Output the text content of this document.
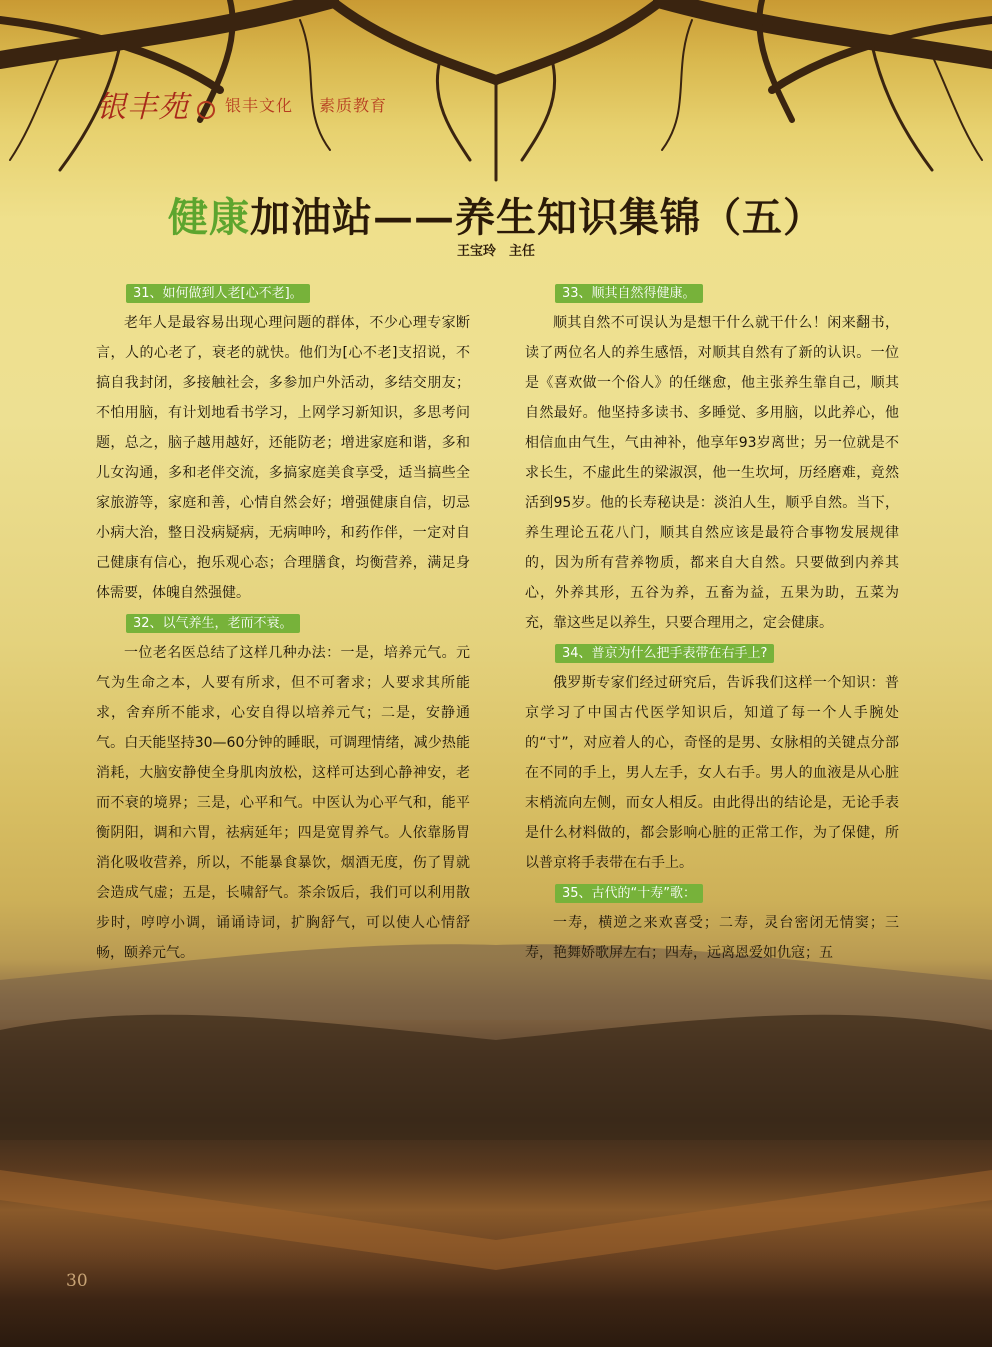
银丰苑 银丰文化 素质教育
健康加油站——养生知识集锦（五）
王宝玲　主任
31、如何做到人老[心不老]。

老年人是最容易出现心理问题的群体，不少心理专家断言，人的心老了，衰老的就快。他们为[心不老]支招说，不搞自我封闭，多接触社会，多参加户外活动，多结交朋友；不怕用脑，有计划地看书学习，上网学习新知识，多思考问题，总之，脑子越用越好，还能防老；增进家庭和谐，多和儿女沟通，多和老伴交流，多搞家庭美食享受，适当搞些全家旅游等，家庭和善，心情自然会好；增强健康自信，切忌小病大治，整日没病疑病，无病呻吟，和药作伴，一定对自己健康有信心，抱乐观心态；合理膳食，均衡营养，满足身体需要，体魄自然强健。

32、以气养生，老而不衰。

一位老名医总结了这样几种办法：一是，培养元气。元气为生命之本，人要有所求，但不可奢求；人要求其所能求，舍弃所不能求，心安自得以培养元气；二是，安静通气。白天能坚持30—60分钟的睡眠，可调理情绪，减少热能消耗，大脑安静使全身肌肉放松，这样可达到心静神安，老而不衰的境界；三是，心平和气。中医认为心平气和，能平衡阴阳，调和六胃，祛病延年；四是宽胃养气。人依靠肠胃消化吸收营养，所以，不能暴食暴饮，烟酒无度，伤了胃就会造成气虚；五是，长啸舒气。茶余饭后，我们可以利用散步时，哼哼小调，诵诵诗词，扩胸舒气，可以使人心情舒畅，颐养元气。

33、顺其自然得健康。

顺其自然不可误认为是想干什么就干什么！闲来翻书，读了两位名人的养生感悟，对顺其自然有了新的认识。一位是《喜欢做一个俗人》的任继愈，他主张养生靠自己，顺其自然最好。他坚持多读书、多睡觉、多用脑，以此养心，他相信血由气生，气由神补，他享年93岁离世；另一位就是不求长生，不虚此生的梁淑溟，他一生坎坷，历经磨难，竟然活到95岁。他的长寿秘诀是：淡泊人生，顺乎自然。当下，养生理论五花八门，顺其自然应该是最符合事物发展规律的，因为所有营养物质，都来自大自然。只要做到内养其心，外养其形，五谷为养，五畜为益，五果为助，五菜为充，靠这些足以养生，只要合理用之，定会健康。

34、普京为什么把手表带在右手上?

俄罗斯专家们经过研究后，告诉我们这样一个知识：普京学习了中国古代医学知识后，知道了每一个人手腕处的“寸”，对应着人的心，奇怪的是男、女脉相的关键点分部在不同的手上，男人左手，女人右手。男人的血液是从心脏末梢流向左侧，而女人相反。由此得出的结论是，无论手表是什么材料做的，都会影响心脏的正常工作，为了保健，所以普京将手表带在右手上。

35、古代的“十寿”歌：

一寿，横逆之来欢喜受；二寿，灵台密闭无情窦；三寿，艳舞娇歌屏左右；四寿，远离恩爱如仇寇；五

30
